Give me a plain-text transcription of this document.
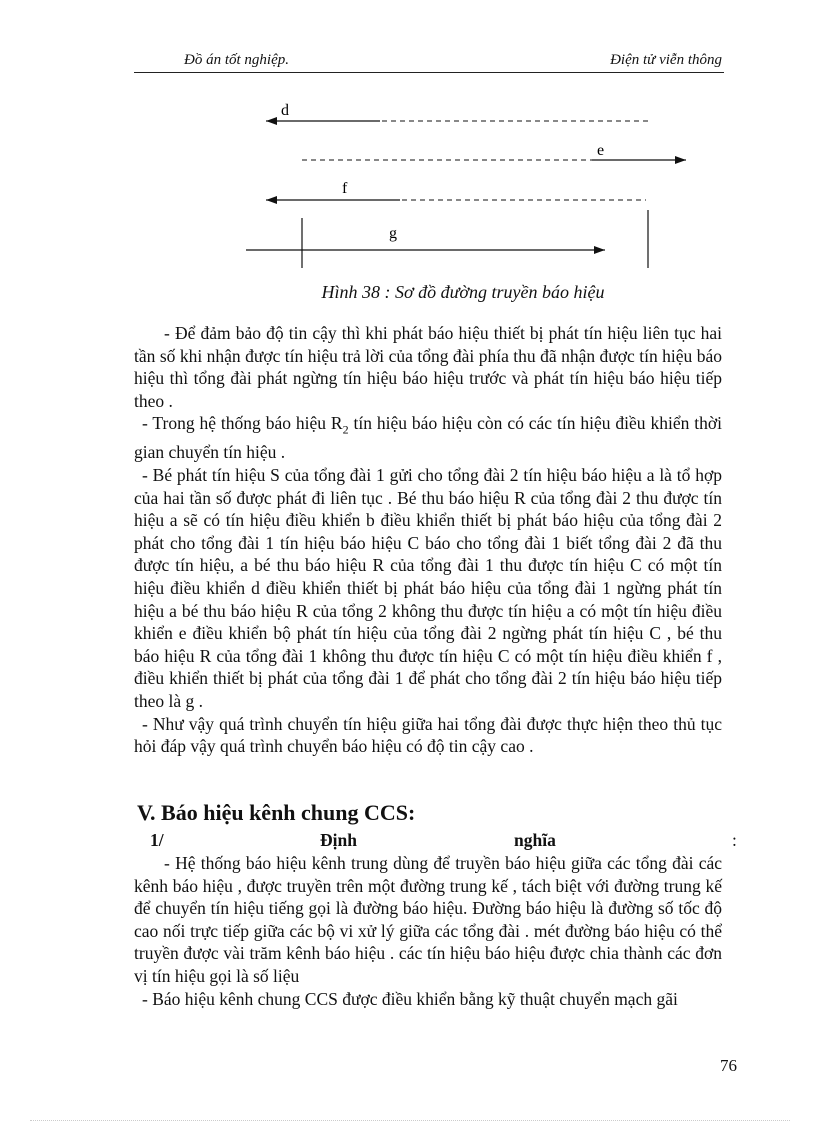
Đồ án tốt nghiệp.	Điện tử viễn thông
d
e
f
g
Hình 38 : Sơ đồ đường truyền báo hiệu

- Để đảm bảo độ tin cậy thì khi phát báo hiệu thiết bị phát tín hiệu liên tục hai tần số khi nhận được tín hiệu trả lời của tổng đài phía thu đã nhận được tín hiệu báo hiệu thì tổng đài phát ngừng tín hiệu báo hiệu trước và phát tín hiệu báo hiệu tiếp theo .

- Trong hệ thống báo hiệu $R_2$ tín hiệu báo hiệu còn có các tín hiệu điều khiển thời gian chuyển tín hiệu .

- Bé phát tín hiệu S của tổng đài 1 gửi cho tổng đài 2 tín hiệu báo hiệu a là tổ hợp của hai tần số được phát đi liên tục . Bé thu báo hiệu R của tổng đài 2 thu được tín hiệu a sẽ có tín hiệu điều khiển b điều khiển thiết bị phát báo hiệu của tổng đài 2 phát cho tổng đài 1 tín hiệu báo hiệu C báo cho tổng đài 1 biết tổng đài 2 đã thu được tín hiệu, a bé thu báo hiệu R của tổng đài 1 thu được tín hiệu C có một tín hiệu điều khiển d điều khiển thiết bị phát báo hiệu của tổng đài 1 ngừng phát tín hiệu a bé thu báo hiệu R của tổng 2 không thu được tín hiệu a có một tín hiệu điều khiển e điều khiển bộ phát tín hiệu của tổng đài 2 ngừng phát tín hiệu C , bé thu báo hiệu R của tổng đài 1 không thu được tín hiệu C có một tín hiệu điều khiển f , điều khiển thiết bị phát của tổng đài 1 để phát cho tổng đài 2 tín hiệu báo hiệu tiếp theo là g .

- Như vậy quá trình chuyển tín hiệu giữa hai tổng đài được thực hiện theo thủ tục hỏi đáp vậy quá trình chuyển báo hiệu có độ tin cậy cao .

V. Báo hiệu kênh chung CCS:
1/	Định	nghĩa	:

- Hệ thống báo hiệu kênh trung dùng để truyền báo hiệu giữa các tổng đài các kênh báo hiệu , được truyền trên một đường trung kế , tách biệt với đường trung kế để chuyển tín hiệu tiếng gọi là đường báo hiệu. Đường báo hiệu là đường số tốc độ cao nối trực tiếp giữa các bộ vi xử lý giữa các tổng đài . mét đường báo hiệu có thể truyền được vài trăm kênh báo hiệu . các tín hiệu báo hiệu được chia thành các đơn vị tín hiệu gọi là số liệu

- Báo hiệu kênh chung CCS được điều khiển bằng kỹ thuật chuyển mạch gãi

76
